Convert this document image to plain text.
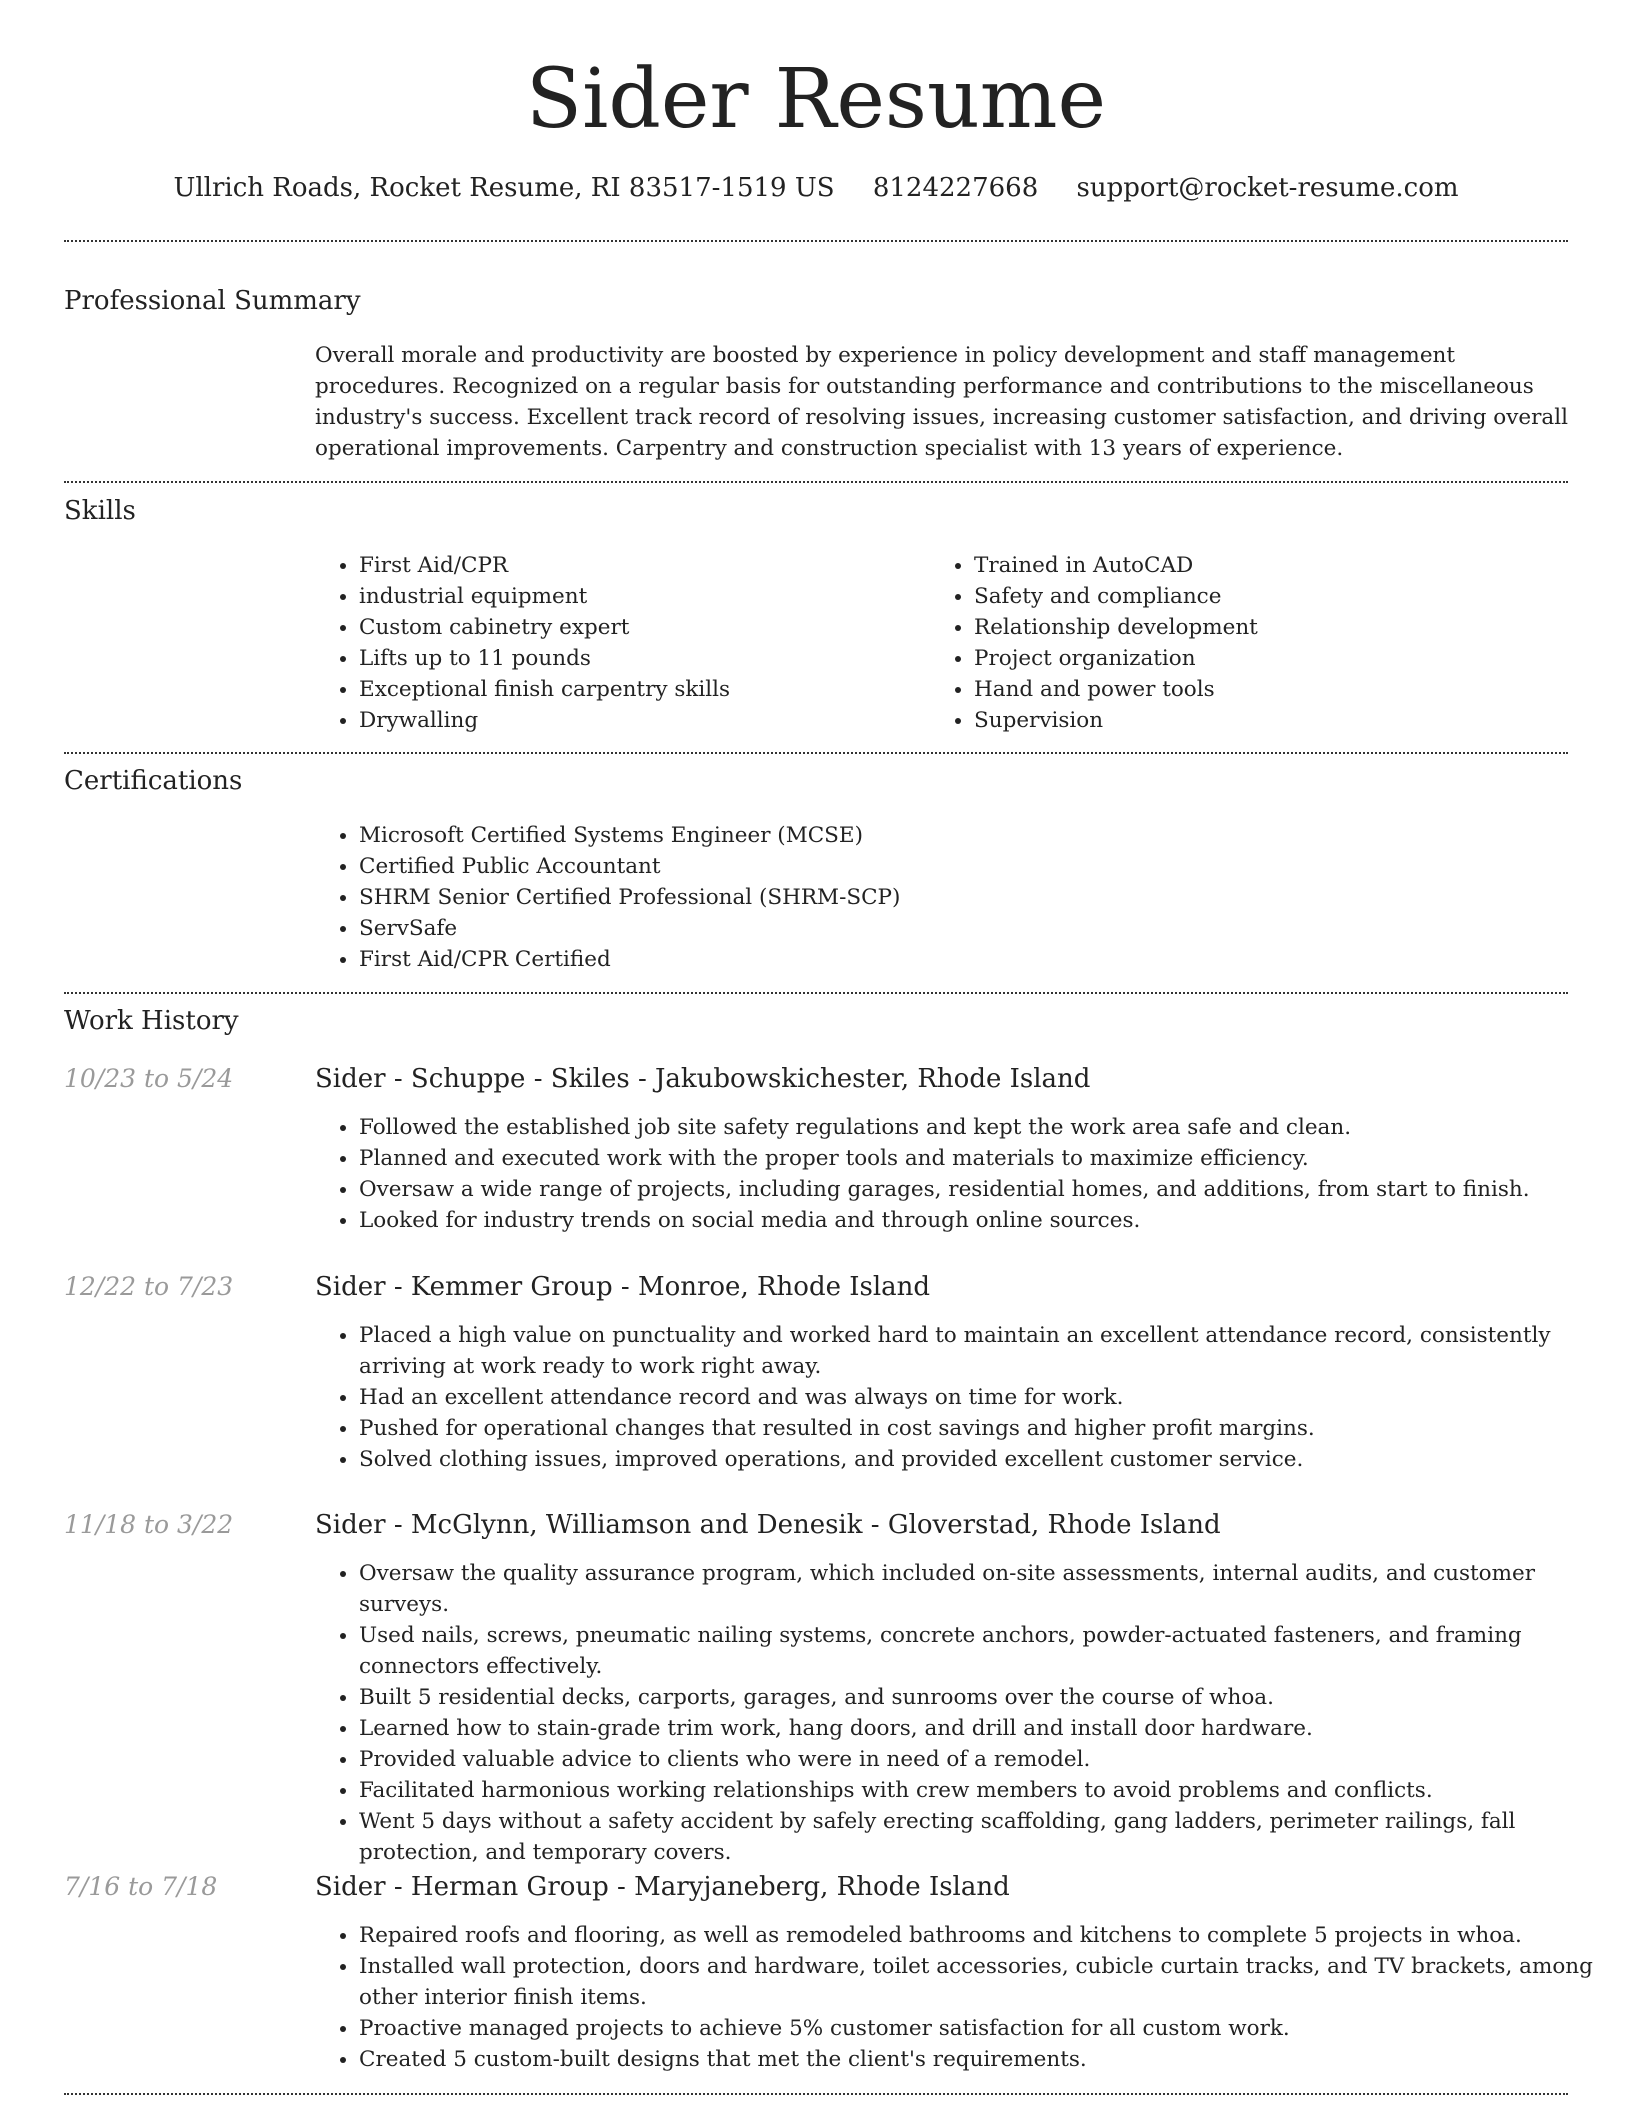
Sider Resume
Ullrich Roads, Rocket Resume, RI 83517-1519 US 8124227668 support@rocket-resume.com
Professional Summary
Overall morale and productivity are boosted by experience in policy development and staff management procedures. Recognized on a regular basis for outstanding performance and contributions to the miscellaneous industry's success. Excellent track record of resolving issues, increasing customer satisfaction, and driving overall operational improvements. Carpentry and construction specialist with 13 years of experience.
Skills
• First Aid/CPR
• industrial equipment
• Custom cabinetry expert
• Lifts up to 11 pounds
• Exceptional finish carpentry skills
• Drywalling
• Trained in AutoCAD
• Safety and compliance
• Relationship development
• Project organization
• Hand and power tools
• Supervision
Certifications
• Microsoft Certified Systems Engineer (MCSE)
• Certified Public Accountant
• SHRM Senior Certified Professional (SHRM-SCP)
• ServSafe
• First Aid/CPR Certified
Work History
10/23 to 5/24	Sider - Schuppe - Skiles - Jakubowskichester, Rhode Island
• Followed the established job site safety regulations and kept the work area safe and clean.
• Planned and executed work with the proper tools and materials to maximize efficiency.
• Oversaw a wide range of projects, including garages, residential homes, and additions, from start to finish.
• Looked for industry trends on social media and through online sources.
12/22 to 7/23	Sider - Kemmer Group - Monroe, Rhode Island
• Placed a high value on punctuality and worked hard to maintain an excellent attendance record, consistently arriving at work ready to work right away.
• Had an excellent attendance record and was always on time for work.
• Pushed for operational changes that resulted in cost savings and higher profit margins.
• Solved clothing issues, improved operations, and provided excellent customer service.
11/18 to 3/22	Sider - McGlynn, Williamson and Denesik - Gloverstad, Rhode Island
• Oversaw the quality assurance program, which included on-site assessments, internal audits, and customer surveys.
• Used nails, screws, pneumatic nailing systems, concrete anchors, powder-actuated fasteners, and framing connectors effectively.
• Built 5 residential decks, carports, garages, and sunrooms over the course of whoa.
• Learned how to stain-grade trim work, hang doors, and drill and install door hardware.
• Provided valuable advice to clients who were in need of a remodel.
• Facilitated harmonious working relationships with crew members to avoid problems and conflicts.
• Went 5 days without a safety accident by safely erecting scaffolding, gang ladders, perimeter railings, fall protection, and temporary covers.
7/16 to 7/18	Sider - Herman Group - Maryjaneberg, Rhode Island
• Repaired roofs and flooring, as well as remodeled bathrooms and kitchens to complete 5 projects in whoa.
• Installed wall protection, doors and hardware, toilet accessories, cubicle curtain tracks, and TV brackets, among other interior finish items.
• Proactive managed projects to achieve 5% customer satisfaction for all custom work.
• Created 5 custom-built designs that met the client's requirements.
